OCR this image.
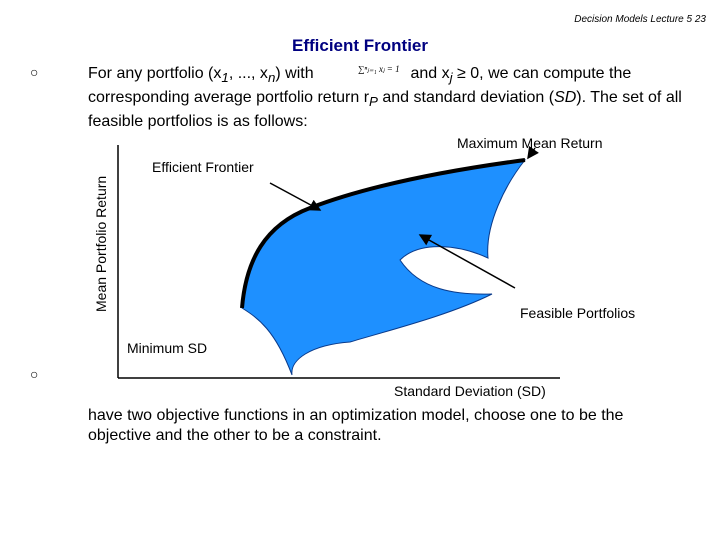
Decision Models Lecture 5 23
Efficient Frontier
○	For any portfolio ($x_1$, ..., $x_n$) with	and $x_j \ge 0$, we can compute the corresponding average portfolio return $r_P$ and standard deviation (SD). The set of all feasible portfolios is as follows:
∑ⁿⱼ₌₁ xⱼ = 1
Efficient Frontier
Maximum Mean Return
Feasible Portfolios
Minimum SD
Standard Deviation (SD)
Mean Portfolio Return
○
have two objective functions in an optimization model, choose one to be the objective and the other to be a constraint.
